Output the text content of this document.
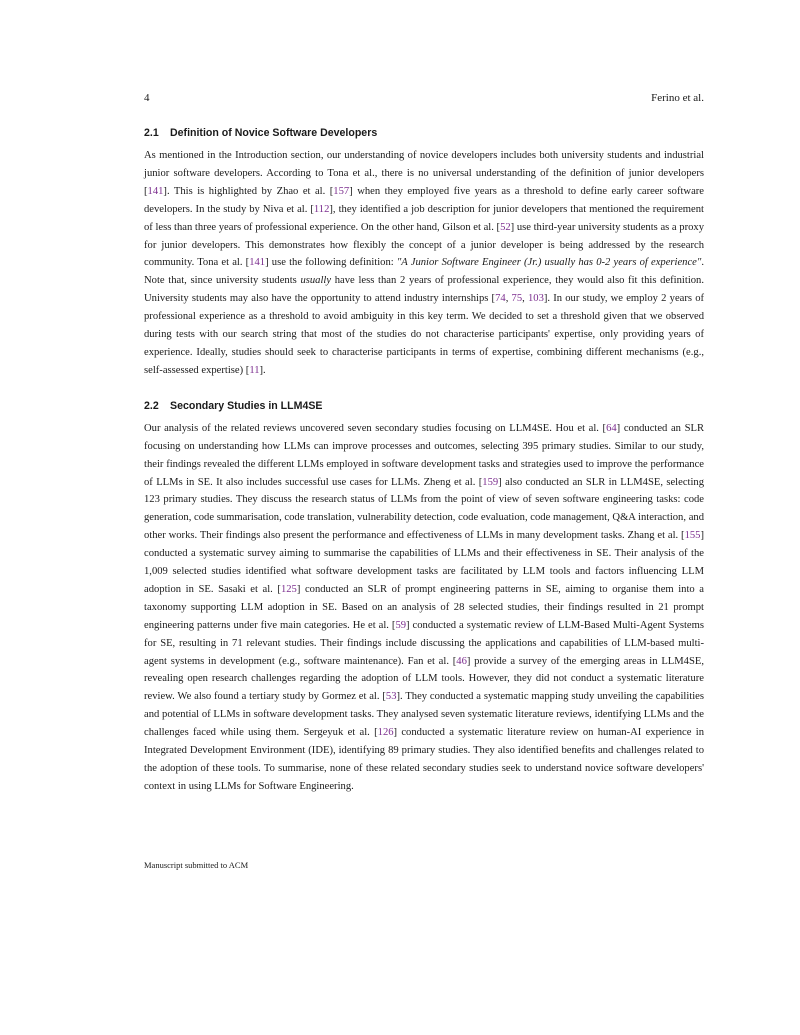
4	Ferino et al.
2.1 Definition of Novice Software Developers

As mentioned in the Introduction section, our understanding of novice developers includes both university students and industrial junior software developers. According to Tona et al., there is no universal understanding of the definition of junior developers [141]. This is highlighted by Zhao et al. [157] when they employed five years as a threshold to define early career software developers. In the study by Niva et al. [112], they identified a job description for junior developers that mentioned the requirement of less than three years of professional experience. On the other hand, Gilson et al. [52] use third-year university students as a proxy for junior developers. This demonstrates how flexibly the concept of a junior developer is being addressed by the research community. Tona et al. [141] use the following definition: "A Junior Software Engineer (Jr.) usually has 0-2 years of experience". Note that, since university students usually have less than 2 years of professional experience, they would also fit this definition. University students may also have the opportunity to attend industry internships [74, 75, 103]. In our study, we employ 2 years of professional experience as a threshold to avoid ambiguity in this key term. We decided to set a threshold given that we observed during tests with our search string that most of the studies do not characterise participants' expertise, only providing years of experience. Ideally, studies should seek to characterise participants in terms of expertise, combining different mechanisms (e.g., self-assessed expertise) [11].

2.2 Secondary Studies in LLM4SE

Our analysis of the related reviews uncovered seven secondary studies focusing on LLM4SE. Hou et al. [64] conducted an SLR focusing on understanding how LLMs can improve processes and outcomes, selecting 395 primary studies. Similar to our study, their findings revealed the different LLMs employed in software development tasks and strategies used to improve the performance of LLMs in SE. It also includes successful use cases for LLMs. Zheng et al. [159] also conducted an SLR in LLM4SE, selecting 123 primary studies. They discuss the research status of LLMs from the point of view of seven software engineering tasks: code generation, code summarisation, code translation, vulnerability detection, code evaluation, code management, Q&A interaction, and other works. Their findings also present the performance and effectiveness of LLMs in many development tasks. Zhang et al. [155] conducted a systematic survey aiming to summarise the capabilities of LLMs and their effectiveness in SE. Their analysis of the 1,009 selected studies identified what software development tasks are facilitated by LLM tools and factors influencing LLM adoption in SE. Sasaki et al. [125] conducted an SLR of prompt engineering patterns in SE, aiming to organise them into a taxonomy supporting LLM adoption in SE. Based on an analysis of 28 selected studies, their findings resulted in 21 prompt engineering patterns under five main categories. He et al. [59] conducted a systematic review of LLM-Based Multi-Agent Systems for SE, resulting in 71 relevant studies. Their findings include discussing the applications and capabilities of LLM-based multi-agent systems in development (e.g., software maintenance). Fan et al. [46] provide a survey of the emerging areas in LLM4SE, revealing open research challenges regarding the adoption of LLM tools. However, they did not conduct a systematic literature review. We also found a tertiary study by Gormez et al. [53]. They conducted a systematic mapping study unveiling the capabilities and potential of LLMs in software development tasks. They analysed seven systematic literature reviews, identifying LLMs and the challenges faced while using them. Sergeyuk et al. [126] conducted a systematic literature review on human-AI experience in Integrated Development Environment (IDE), identifying 89 primary studies. They also identified benefits and challenges related to the adoption of these tools. To summarise, none of these related secondary studies seek to understand novice software developers' context in using LLMs for Software Engineering.

Manuscript submitted to ACM
